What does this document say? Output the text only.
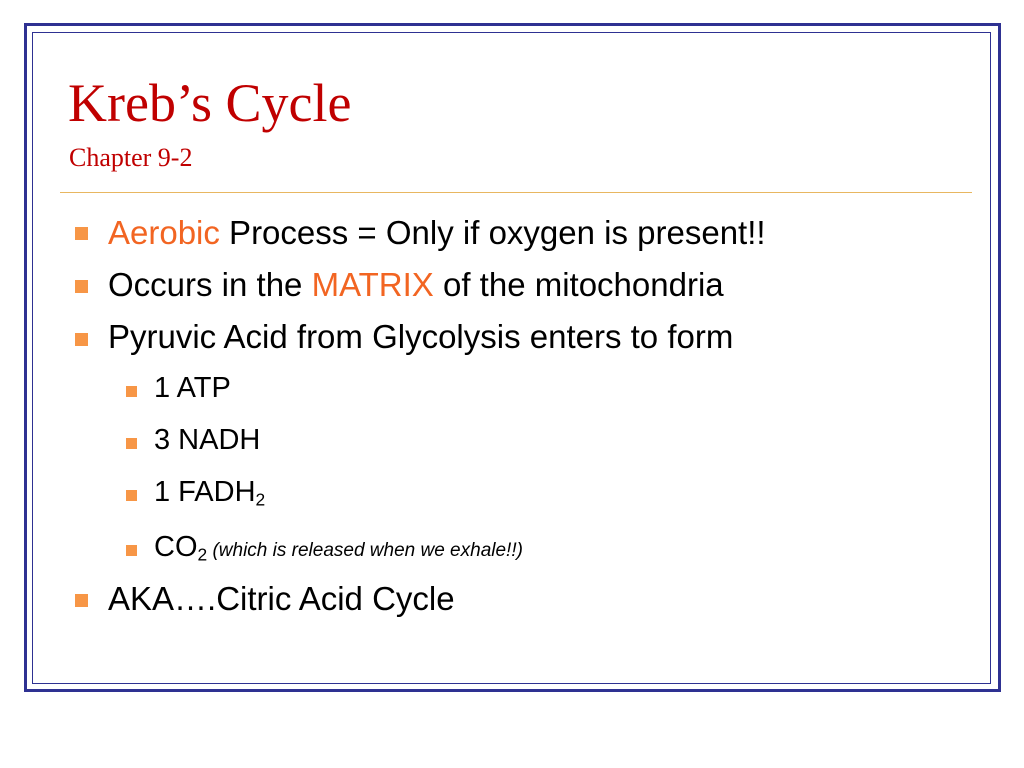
Kreb’s Cycle
Chapter 9-2
Aerobic Process = Only if oxygen is present!!
Occurs in the MATRIX of the mitochondria
Pyruvic Acid from Glycolysis enters to form
1 ATP
3 NADH
1 $FADH_2$
$CO_2$ (which is released when we exhale!!)
AKA….Citric Acid Cycle
